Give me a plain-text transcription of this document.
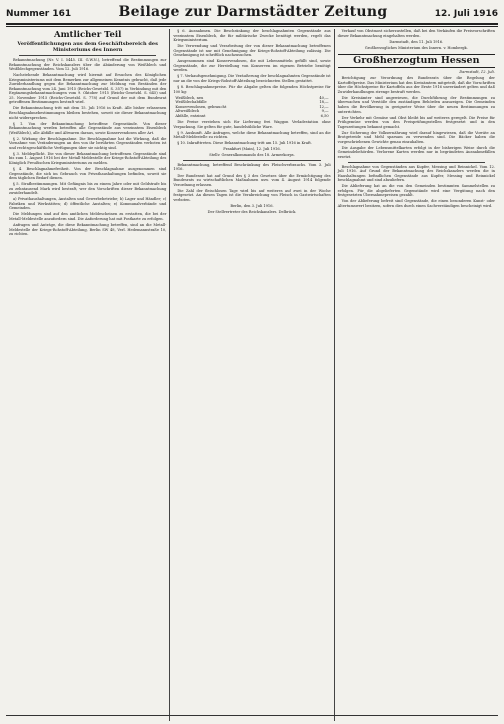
Nummer 161	Beilage zur Darmstädter Zeitung	12. Juli 1916
Amtlicher Teil
Veröffentlichungen aus dem Geschäftsbereich des Ministeriums des Innern

Bekanntmachung (Nr. V. I. 5445. III. G.W.N.), betreffend die Bestimmungen zur Bekanntmachung der Reichskanzlers über die Abänderung von Weißblech und Weißblechgegenständen. Vom 12. Juli 1916.

Nachstehende Bekanntmachung wird hiermit auf Ersuchen des Königlichen Kriegsministeriums mit dem Bemerken zur allgemeinen Kenntnis gebracht, daß jede Zuwiderhandlung gegen die Bekanntmachung zur Meldung von Beständen der Bekanntmachung vom 24. Juni 1915 (Reichs-Gesetzbl. S. 357) in Verbindung mit den Ergänzungsbekanntmachungen vom 9. Oktober 1915 (Reichs-Gesetzbl. S. 645) und 25. November 1915 (Reichs-Gesetzbl. S. 778) auf Grund der mit dem Bundesrat getroffenen Bestimmungen bestraft wird.

Die Bekanntmachung tritt mit dem 15. Juli 1916 in Kraft. Alle bisher erlassenen Beschlagnahmebestimmungen bleiben bestehen, soweit sie dieser Bekanntmachung nicht widersprechen.

§ 1. Von der Bekanntmachung betroffene Gegenstände. Von dieser Bekanntmachung werden betroffen alle Gegenstände aus verzinntem Eisenblech (Weißblech), alle Abfälle und Altwaren daraus, sowie Konservendosen aller Art.

§ 2. Wirkung der Beschlagnahme. Die Beschlagnahme hat die Wirkung, daß die Vornahme von Veränderungen an den von ihr berührten Gegenständen verboten ist und rechtsgeschäftliche Verfügungen über sie nichtig sind.

§ 3. Meldepflicht. Die von dieser Bekanntmachung betroffenen Gegenstände sind bis zum 1. August 1916 bei der Metall-Meldestelle der Kriegs-Rohstoff-Abteilung des Königlich Preußischen Kriegsministeriums zu melden.

§ 4. Beschlagnahmefreiheit. Von der Beschlagnahme ausgenommen sind Gegenstände, die sich im Gebrauch von Privathaushaltungen befinden, soweit sie dem täglichen Bedarf dienen.

§ 5. Strafbestimmungen. Mit Gefängnis bis zu einem Jahre oder mit Geldstrafe bis zu zehntausend Mark wird bestraft, wer den Vorschriften dieser Bekanntmachung zuwiderhandelt.

a) Privathaushaltungen, Anstalten und Gewerbebetriebe; b) Lager und Händler; c) Fabriken und Werkstätten; d) öffentliche Anstalten; e) Kommunalverbände und Gemeinden.

Die Meldungen sind auf den amtlichen Meldescheinen zu erstatten, die bei der Metall-Meldestelle anzufordern sind. Die Anforderung hat mit Postkarte zu erfolgen.

Anfragen und Anträge, die diese Bekanntmachung betreffen, sind an die Metall-Meldestelle der Kriegs-Rohstoff-Abteilung, Berlin SW 48, Verl. Hedemannstraße 10, zu richten.

§ 6. Ausnahmen. Die Beschränkung der beschlagnahmten Gegenstände aus verzinntem Eisenblech, die für militärische Zwecke benötigt werden, regelt das Kriegsministerium.

Die Verwendung und Verarbeitung der von dieser Bekanntmachung betroffenen Gegenstände ist nur mit Genehmigung der Kriegs-Rohstoff-Abteilung zulässig. Die Genehmigung ist schriftlich nachzusuchen.

Ausgenommen sind Konservendosen, die mit Lebensmitteln gefüllt sind, sowie Gegenstände, die zur Herstellung von Konserven im eigenen Betriebe benötigt werden.

§ 7. Verkaufsgenehmigung. Die Veräußerung der beschlagnahmten Gegenstände ist nur an die von der Kriegs-Rohstoff-Abteilung bezeichneten Stellen gestattet.

§ 8. Beschlagnahmepreise. Für die Abgabe gelten die folgenden Höchstpreise für 100 kg:

Weißblech, neu	40,—
Weißblechabfälle	18,—
Konservendosen, gebraucht	12,—
Altweißblech	9,—
Abfälle, entzinnt	6,50

Die Preise verstehen sich für Lieferung frei Waggon Verladestation ohne Verpackung. Sie gelten für gute, handelsübliche Ware.

§ 9. Auskunft. Alle Anfragen, welche diese Bekanntmachung betreffen, sind an die Metall-Meldestelle zu richten.

§ 10. Inkrafttreten. Diese Bekanntmachung tritt am 15. Juli 1916 in Kraft.

Frankfurt (Main), 12. Juli 1916.

Stellv. Generalkommando des 18. Armeekorps.

Bekanntmachung, betreffend Beschränkung des Fleischverbrauchs. Vom 3. Juli 1916.

Der Bundesrat hat auf Grund des § 3 des Gesetzes über die Ermächtigung des Bundesrats zu wirtschaftlichen Maßnahmen usw. vom 4. August 1914 folgende Verordnung erlassen.

Die Zahl der fleischlosen Tage wird bis auf weiteres auf zwei in der Woche festgesetzt. An diesen Tagen ist die Verabreichung von Fleisch in Gastwirtschaften verboten.

Berlin, den 3. Juli 1916.

Der Stellvertreter des Reichskanzlers. Delbrück.

Verkauf von Obstmost sicherzustellen, daß bei den Verkäufen die Preisvorschriften dieser Bekanntmachung eingehalten werden.

Darmstadt, den 11. Juli 1916.

Großherzogliches Ministerium des Innern. v. Hombergk.

Großherzogtum Hessen

Darmstadt, 12. Juli.

Berichtigung zur Verordnung des Bundesrats über die Regelung der Kartoffelpreise. Das Ministerium hat den Kreisämtern mitgeteilt, daß die Vorschriften über die Höchstpreise für Kartoffeln aus der Ernte 1916 unverändert gelten und daß Zuwiderhandlungen strenge bestraft werden.

Die Kreisämter sind angewiesen, die Durchführung der Bestimmungen zu überwachen und Verstöße den zuständigen Behörden anzuzeigen. Die Gemeinden haben die Bevölkerung in geeigneter Weise über die neuen Bestimmungen zu unterrichten.

Der Verkehr mit Gemüse und Obst bleibt bis auf weiteres geregelt. Die Preise für Frühgemüse werden von den Preisprüfungsstellen festgesetzt und in den Tageszeitungen bekannt gemacht.

Zur Sicherung der Volksernährung wird darauf hingewiesen, daß die Vorräte an Brotgetreide und Mehl sparsam zu verwenden sind. Die Bäcker haben die vorgeschriebenen Gewichte genau einzuhalten.

Die Ausgabe der Lebensmittelkarten erfolgt in der bisherigen Weise durch die Gemeindebehörden. Verlorene Karten werden nur in begründeten Ausnahmefällen ersetzt.

Beschlagnahme von Gegenständen aus Kupfer, Messing und Reinnickel. Vom 12. Juli 1916. Auf Grund der Bekanntmachung des Reichskanzlers werden die in Haushaltungen befindlichen Gegenstände aus Kupfer, Messing und Reinnickel beschlagnahmt und sind abzuliefern.

Die Ablieferung hat an die von den Gemeinden bestimmten Sammelstellen zu erfolgen. Für die abgelieferten Gegenstände wird eine Vergütung nach den festgesetzten Übernahmepreisen gezahlt.

Von der Ablieferung befreit sind Gegenstände, die einen besonderen Kunst- oder Altertumswert besitzen, sofern dies durch einen Sachverständigen bescheinigt wird.
